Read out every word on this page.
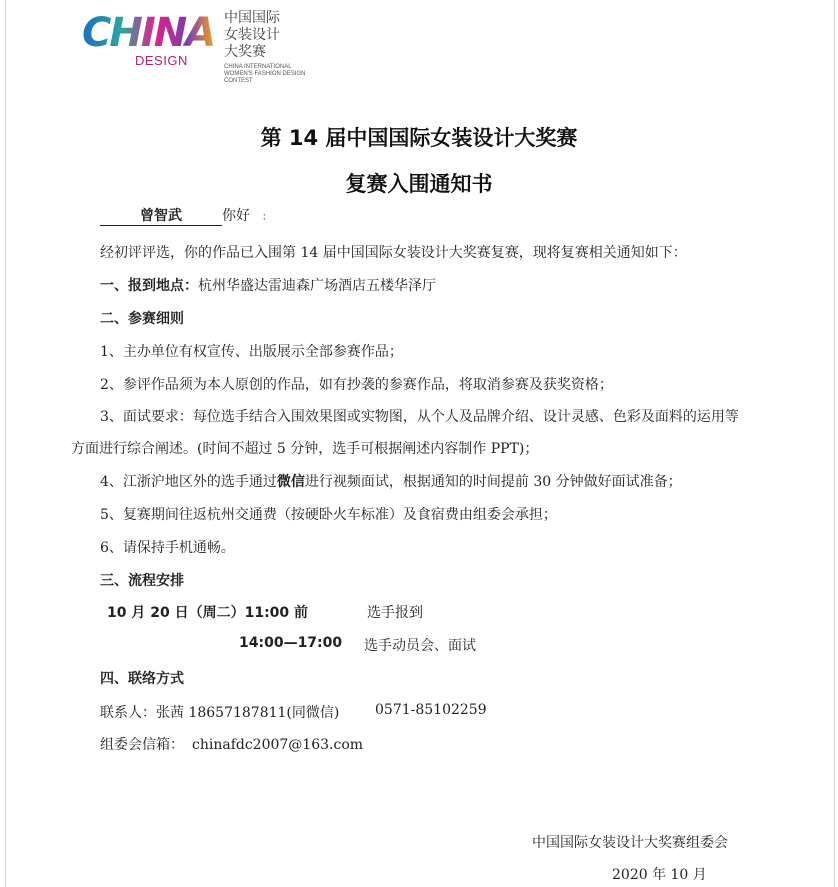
CHINA
DESIGN
中国国际
女装设计
大奖赛
CHINA INTERNATIONAL
WOMEN'S FASHION DESIGN
CONTEST
第 14 届中国国际女装设计大奖赛
复赛入围通知书
曾智武	你好 ：
经初评评选，你的作品已入围第 14 届中国国际女装设计大奖赛复赛，现将复赛相关通知如下：
一、报到地点：杭州华盛达雷迪森广场酒店五楼华泽厅
二、参赛细则
1、主办单位有权宣传、出版展示全部参赛作品；
2、参评作品须为本人原创的作品，如有抄袭的参赛作品，将取消参赛及获奖资格；
3、面试要求：每位选手结合入围效果图或实物图，从个人及品牌介绍、设计灵感、色彩及面料的运用等
方面进行综合阐述。(时间不超过 5 分钟，选手可根据阐述内容制作 PPT)；
4、江浙沪地区外的选手通过微信进行视频面试，根据通知的时间提前 30 分钟做好面试准备；
5、复赛期间往返杭州交通费（按硬卧火车标准）及食宿费由组委会承担；
6、请保持手机通畅。
三、流程安排
10 月 20 日（周二）11:00 前	选手报到
14:00—17:00 选手动员会、面试
四、联络方式
联系人：张茜 18657187811(同微信)	0571-85102259
组委会信箱： chinafdc2007@163.com
中国国际女装设计大奖赛组委会
2020 年 10 月
